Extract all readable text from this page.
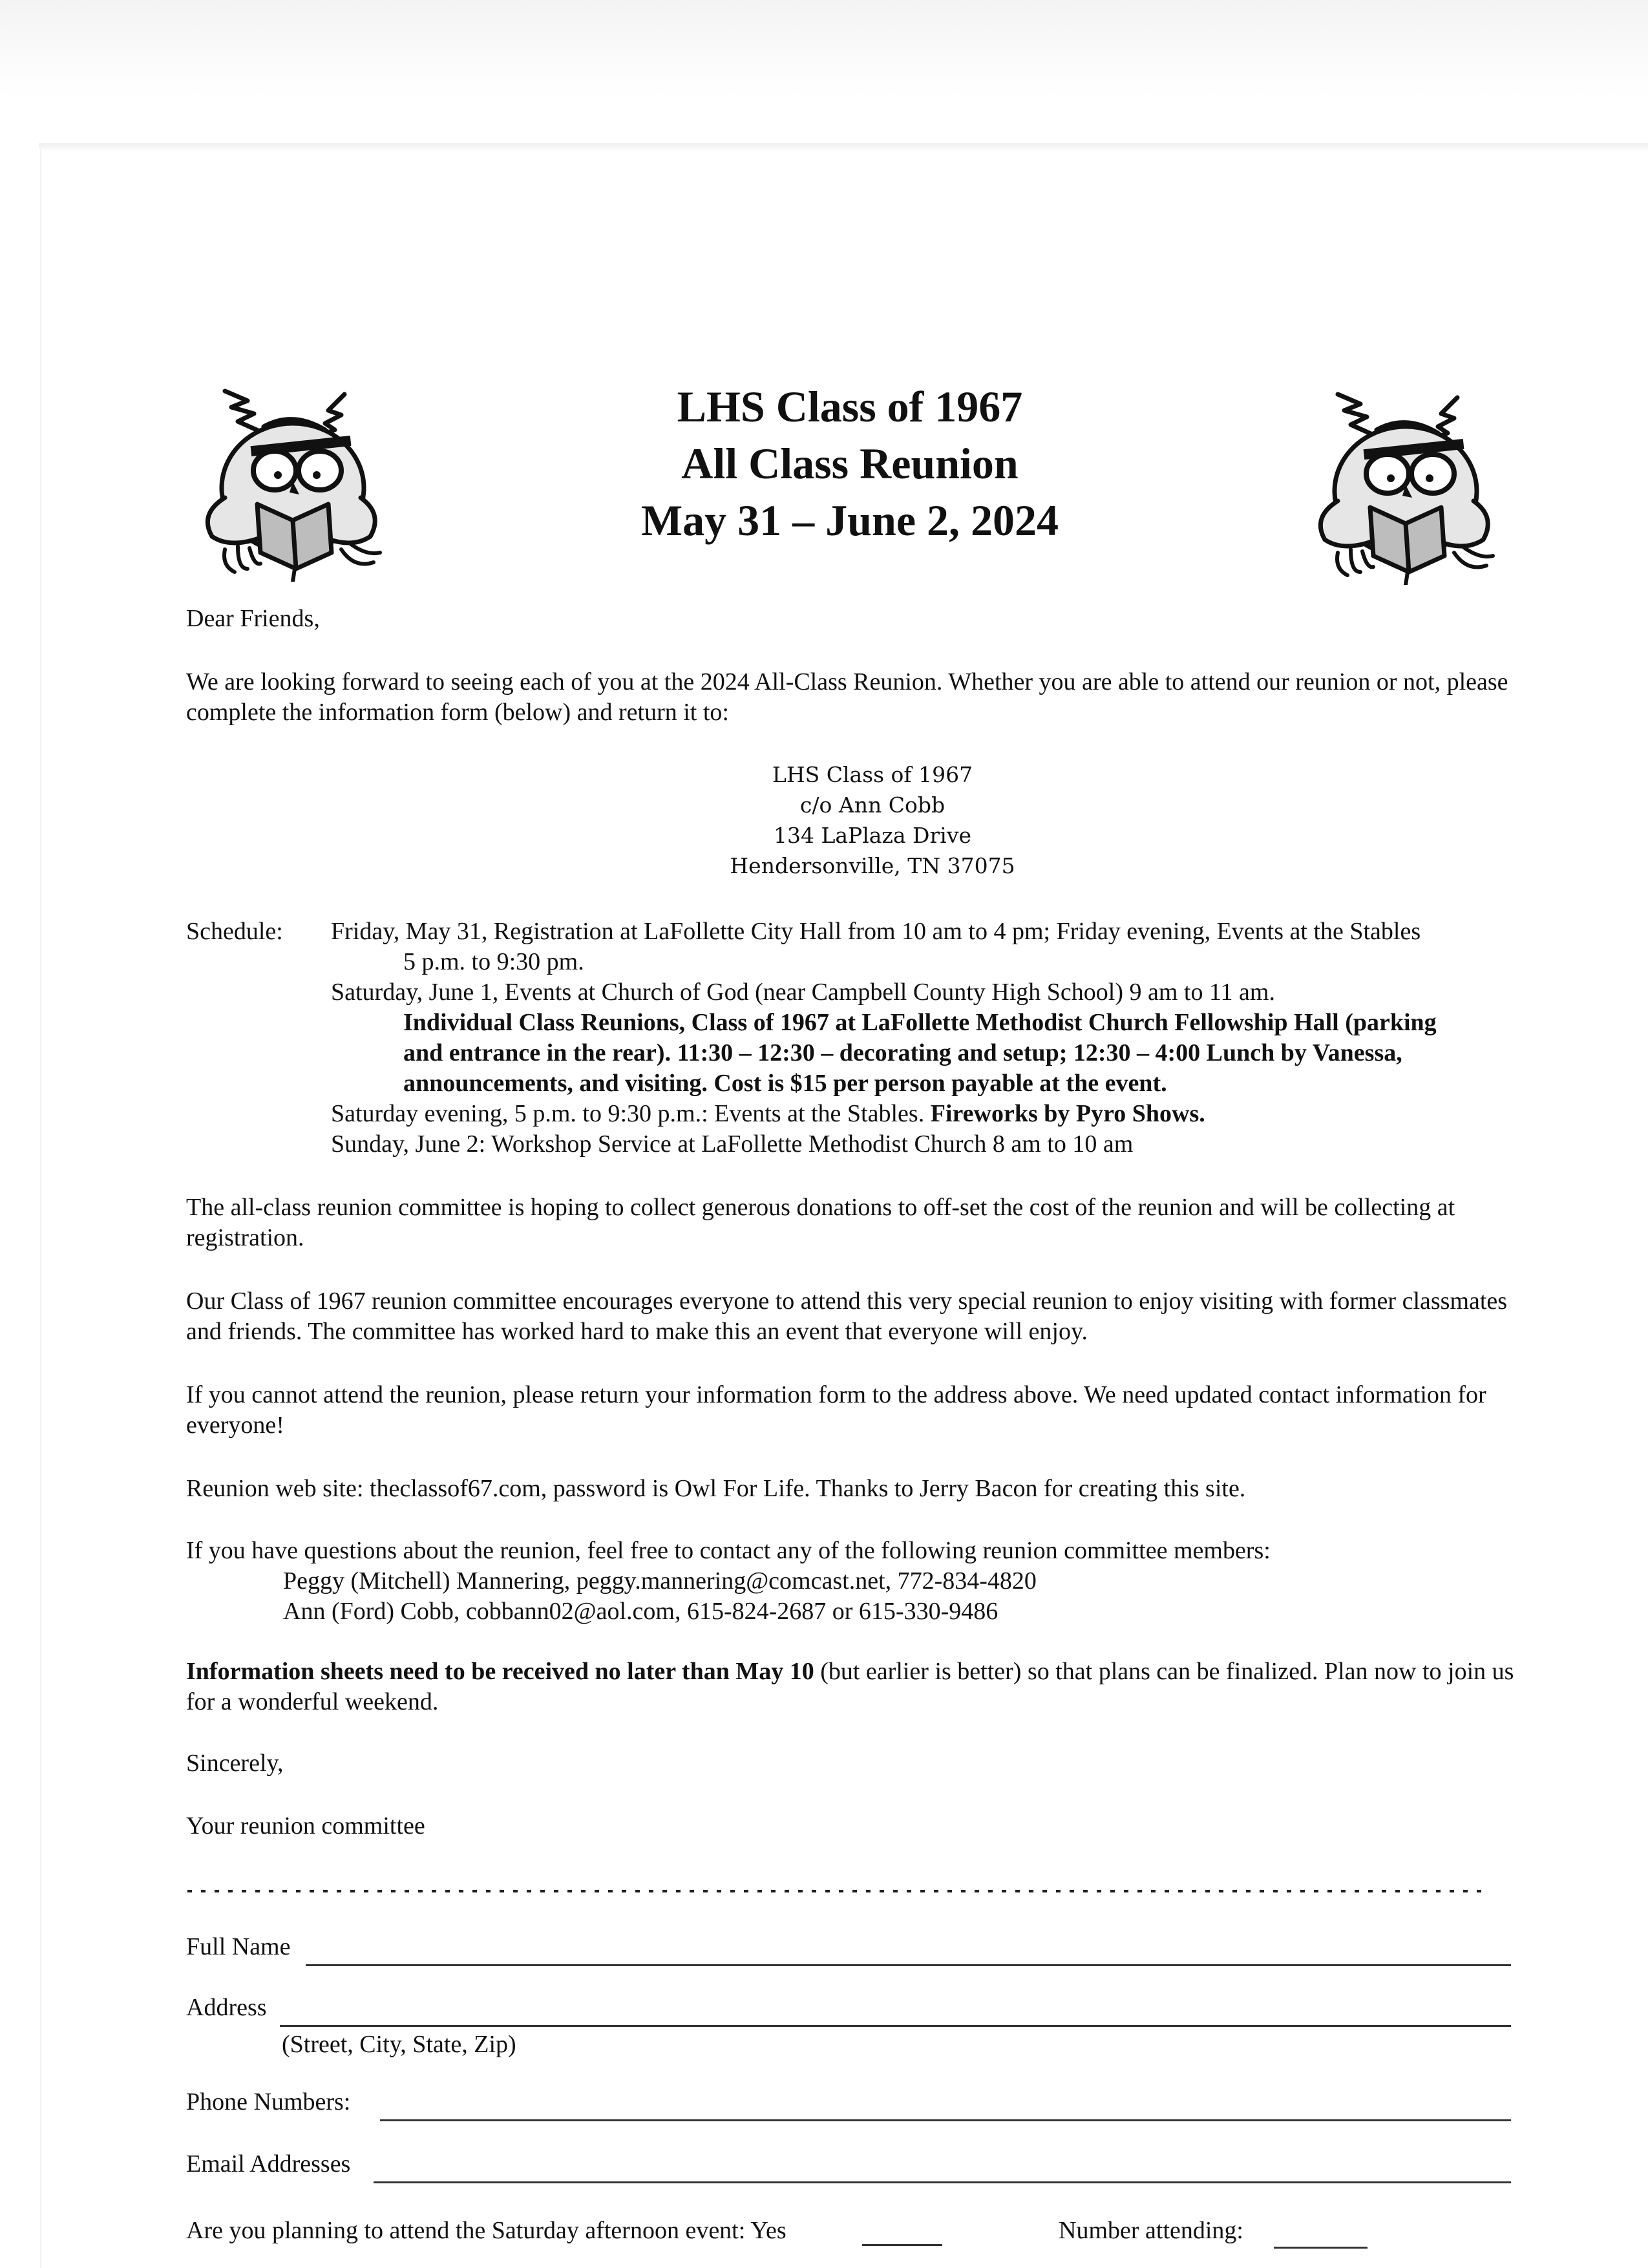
LHS Class of 1967
All Class Reunion
May 31 – June 2, 2024

Dear Friends,

We are looking forward to seeing each of you at the 2024 All-Class Reunion. Whether you are able to attend our reunion or not, please complete the information form (below) and return it to:

LHS Class of 1967
c/o Ann Cobb
134 LaPlaza Drive
Hendersonville, TN 37075
Schedule: Friday, May 31, Registration at LaFollette City Hall from 10 am to 4 pm; Friday evening, Events at the Stables
5 p.m. to 9:30 pm.
Saturday, June 1, Events at Church of God (near Campbell County High School) 9 am to 11 am.
Individual Class Reunions, Class of 1967 at LaFollette Methodist Church Fellowship Hall (parking
and entrance in the rear). 11:30 – 12:30 – decorating and setup; 12:30 – 4:00 Lunch by Vanessa,
announcements, and visiting. Cost is $15 per person payable at the event.
Saturday evening, 5 p.m. to 9:30 p.m.: Events at the Stables. Fireworks by Pyro Shows.
Sunday, June 2: Workshop Service at LaFollette Methodist Church 8 am to 10 am

The all-class reunion committee is hoping to collect generous donations to off-set the cost of the reunion and will be collecting at registration.

Our Class of 1967 reunion committee encourages everyone to attend this very special reunion to enjoy visiting with former classmates and friends. The committee has worked hard to make this an event that everyone will enjoy.

If you cannot attend the reunion, please return your information form to the address above. We need updated contact information for everyone!

Reunion web site: theclassof67.com, password is Owl For Life. Thanks to Jerry Bacon for creating this site.

If you have questions about the reunion, feel free to contact any of the following reunion committee members:
Peggy (Mitchell) Mannering, peggy.mannering@comcast.net, 772-834-4820
Ann (Ford) Cobb, cobbann02@aol.com, 615-824-2687 or 615-330-9486

Information sheets need to be received no later than May 10 (but earlier is better) so that plans can be finalized. Plan now to join us for a wonderful weekend.

Sincerely,

Your reunion committee

Full Name
Address
(Street, City, State, Zip)
Phone Numbers:
Email Addresses
Are you planning to attend the Saturday afternoon event: Yes	Number attending:
